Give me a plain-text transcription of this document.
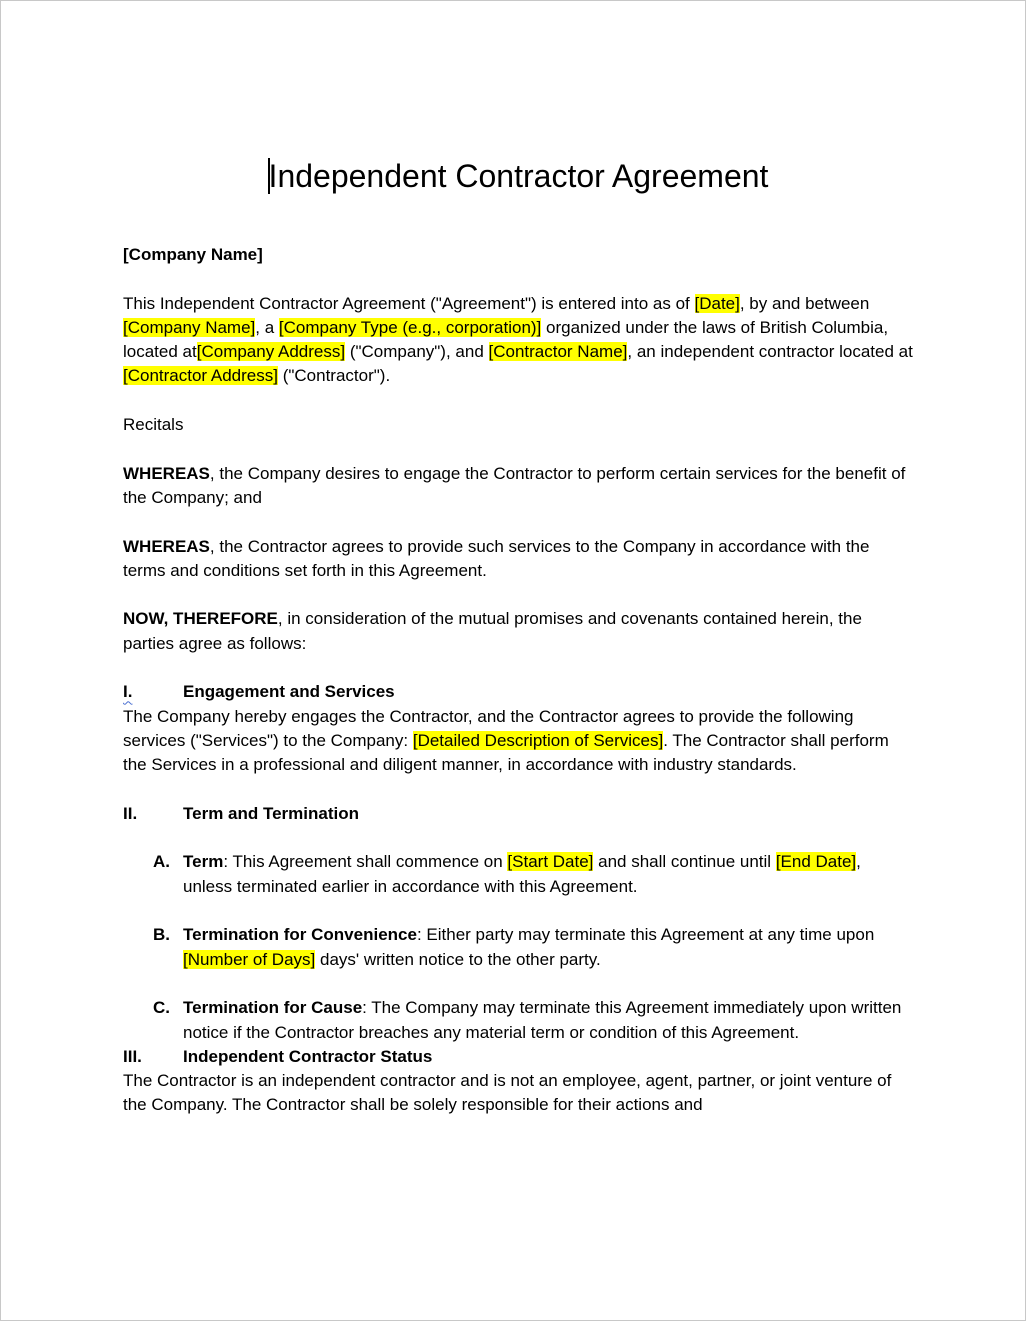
Independent Contractor Agreement

[Company Name]

This Independent Contractor Agreement ("Agreement") is entered into as of [Date], by and between [Company Name], a [Company Type (e.g., corporation)] organized under the laws of British Columbia, located at[Company Address] ("Company"), and [Contractor Name], an independent contractor located at [Contractor Address] ("Contractor").

Recitals

WHEREAS, the Company desires to engage the Contractor to perform certain services for the benefit of the Company; and

WHEREAS, the Contractor agrees to provide such services to the Company in accordance with the terms and conditions set forth in this Agreement.

NOW, THEREFORE, in consideration of the mutual promises and covenants contained herein, the parties agree as follows:

I.	Engagement and Services

The Company hereby engages the Contractor, and the Contractor agrees to provide the following services ("Services") to the Company: [Detailed Description of Services]. The Contractor shall perform the Services in a professional and diligent manner, in accordance with industry standards.

II.	Term and Termination
A. Term: This Agreement shall commence on [Start Date] and shall continue until [End Date], unless terminated earlier in accordance with this Agreement.
B. Termination for Convenience: Either party may terminate this Agreement at any time upon [Number of Days] days' written notice to the other party.
C. Termination for Cause: The Company may terminate this Agreement immediately upon written notice if the Contractor breaches any material term or condition of this Agreement.
III.	Independent Contractor Status

The Contractor is an independent contractor and is not an employee, agent, partner, or joint venture of the Company. The Contractor shall be solely responsible for their actions and
